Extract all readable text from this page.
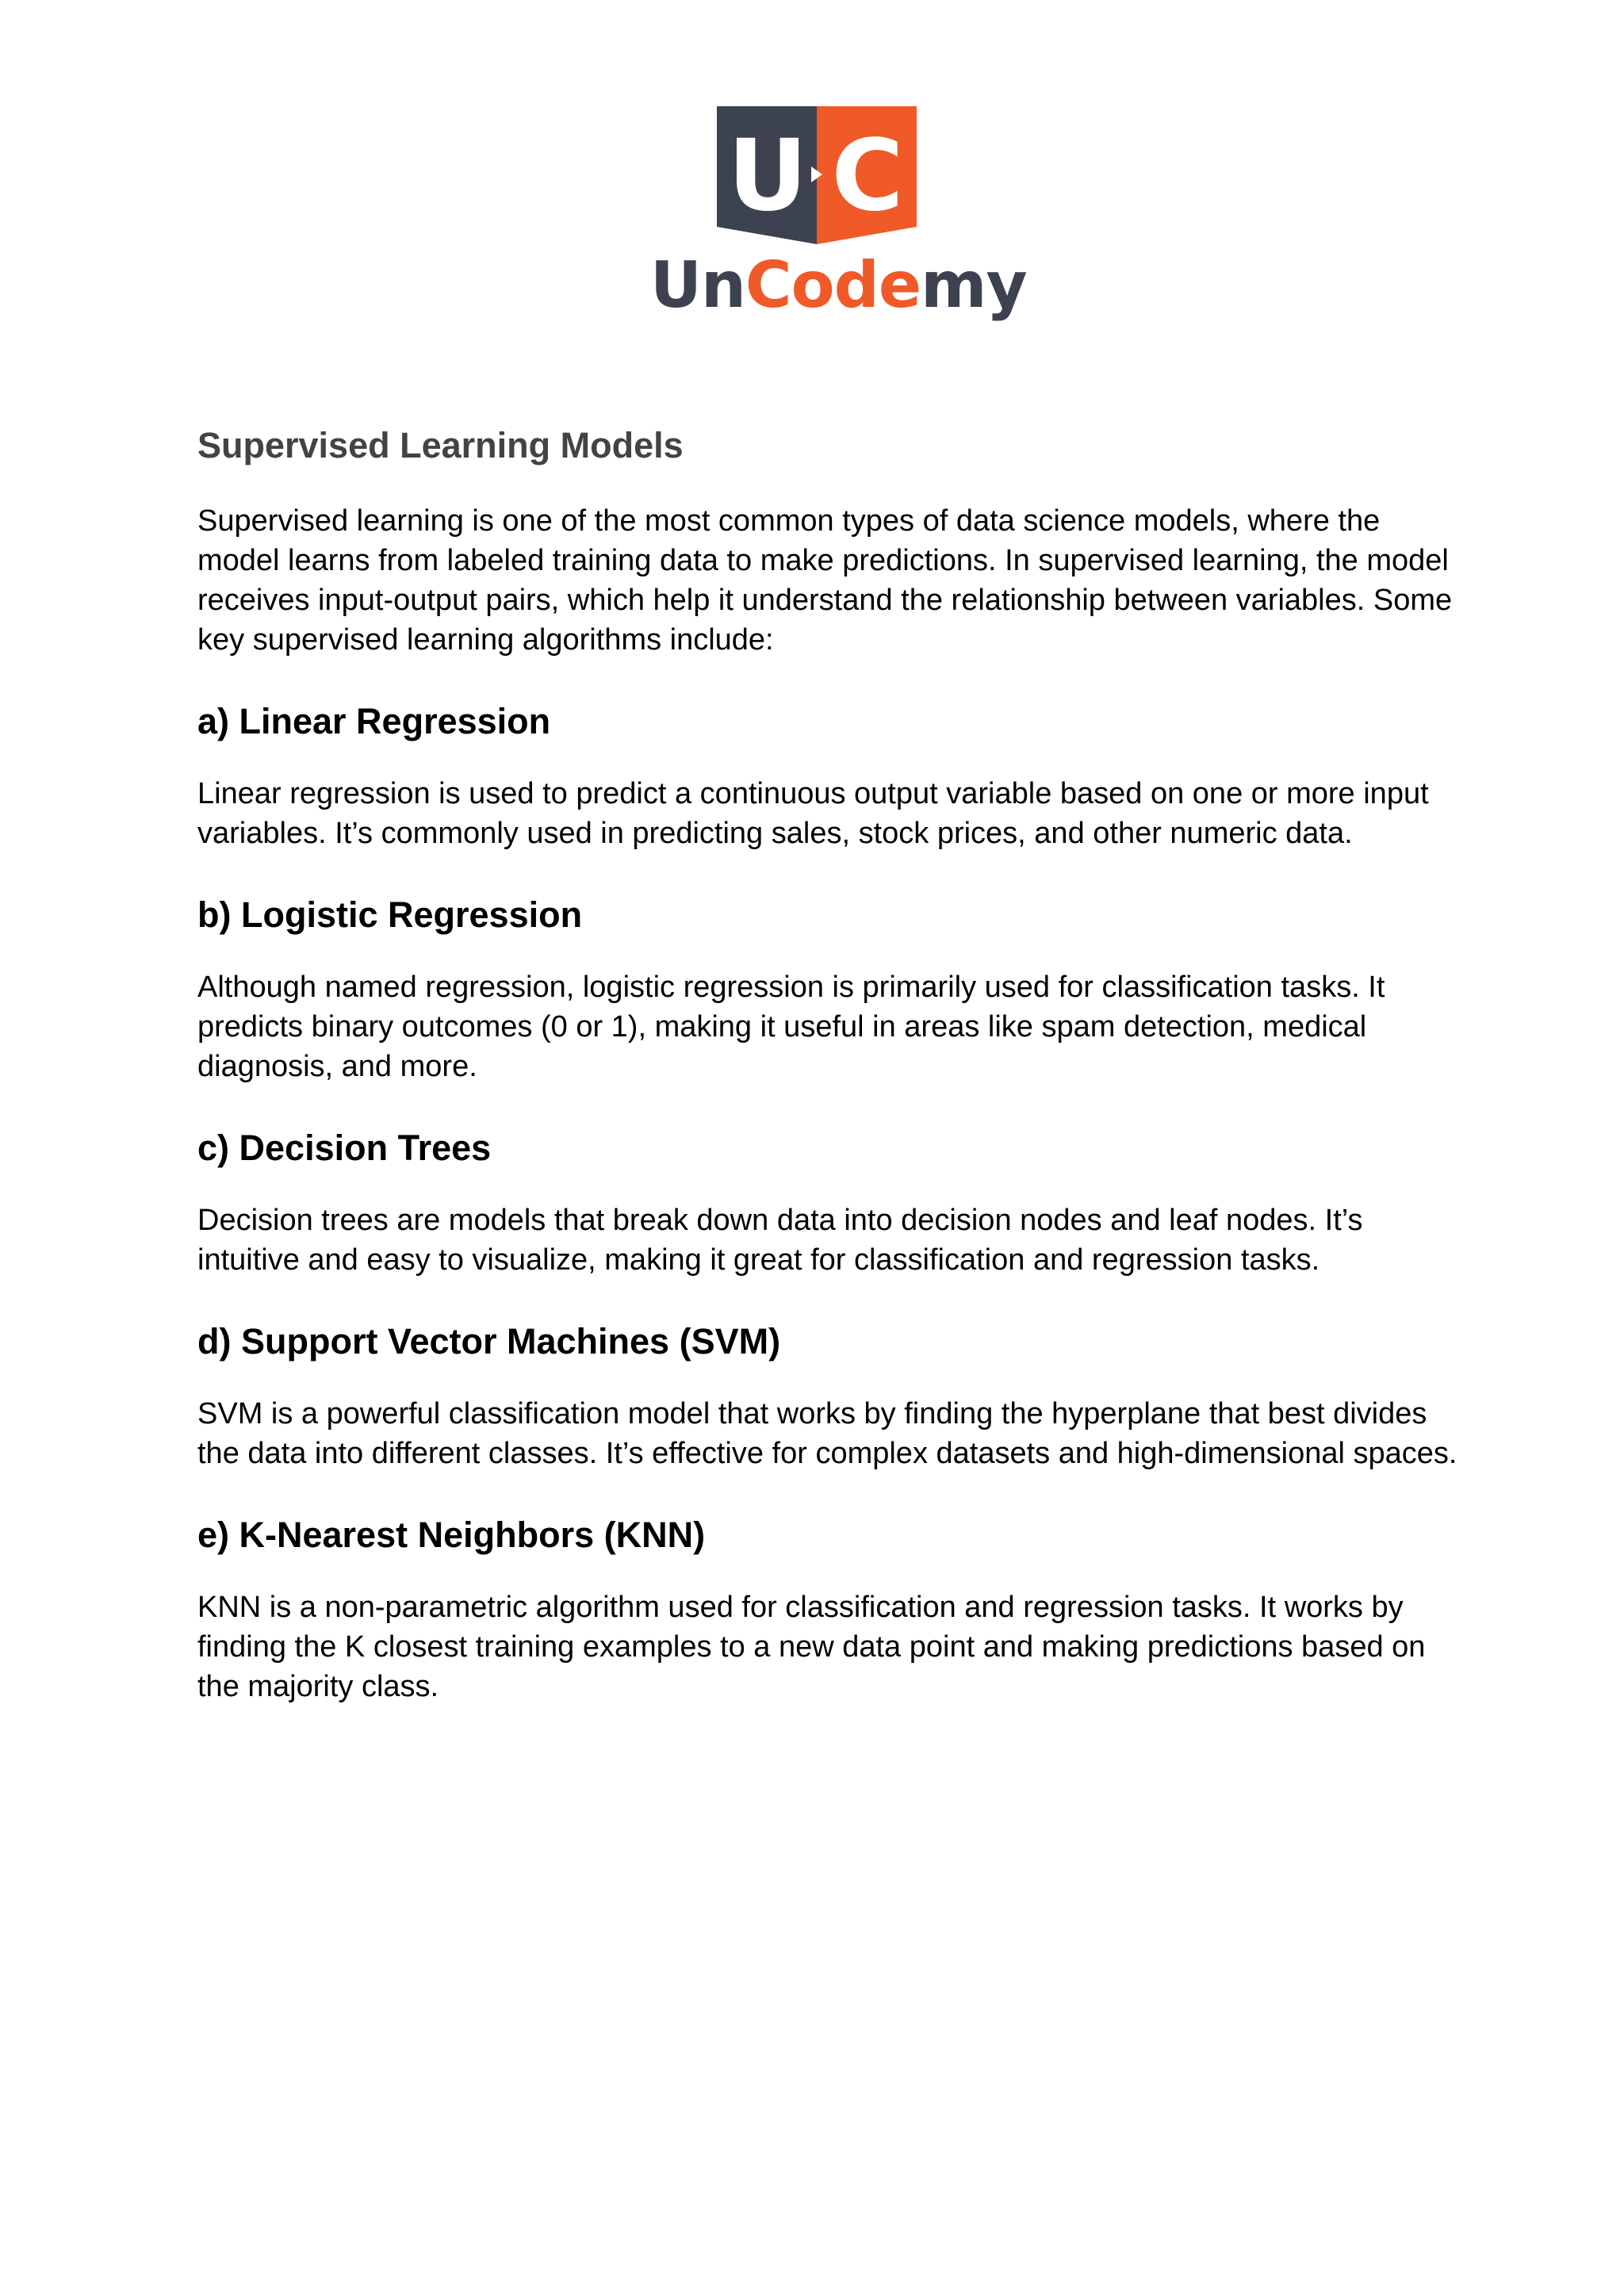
U C
UnCodemy
Supervised Learning Models

Supervised learning is one of the most common types of data science models, where the model learns from labeled training data to make predictions. In supervised learning, the model receives input-output pairs, which help it understand the relationship between variables. Some key supervised learning algorithms include:

a) Linear Regression

Linear regression is used to predict a continuous output variable based on one or more input variables. It’s commonly used in predicting sales, stock prices, and other numeric data.

b) Logistic Regression

Although named regression, logistic regression is primarily used for classification tasks. It predicts binary outcomes (0 or 1), making it useful in areas like spam detection, medical diagnosis, and more.

c) Decision Trees

Decision trees are models that break down data into decision nodes and leaf nodes. It’s intuitive and easy to visualize, making it great for classification and regression tasks.

d) Support Vector Machines (SVM)

SVM is a powerful classification model that works by finding the hyperplane that best divides the data into different classes. It’s effective for complex datasets and high-dimensional spaces.

e) K-Nearest Neighbors (KNN)

KNN is a non-parametric algorithm used for classification and regression tasks. It works by finding the K closest training examples to a new data point and making predictions based on the majority class.
